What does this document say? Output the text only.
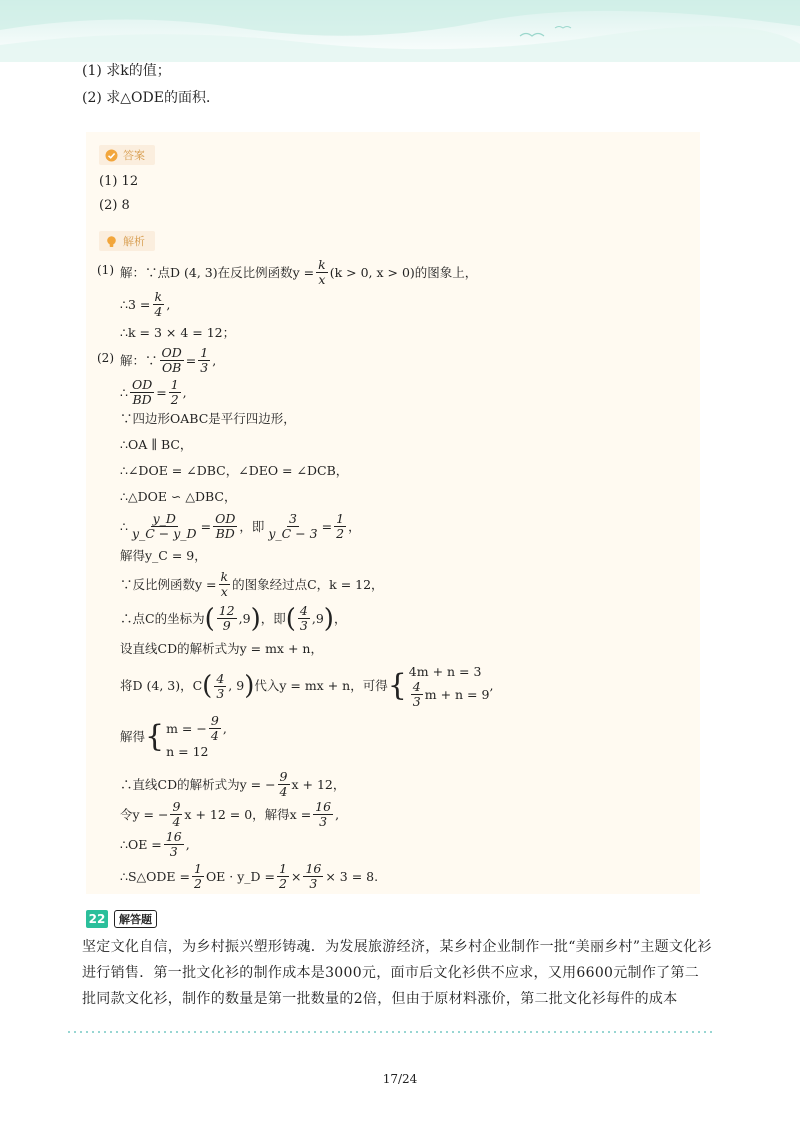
(1) 求k的值；
(2) 求△ODE的面积．
答案
(1) 12
(2) 8
解析
(1) 解：∵点D (4, 3)在反比例函数$y = \frac{k}{x} (k > 0$, x > 0)的图象上，
∴3 = $\frac{k}{4}$ ,
∴k = 3 × 4 = 12；
(2) 解：∵ $\frac{OD}{OB} = \frac{1}{3}$ ,
∴ $\frac{OD}{BD} = \frac{1}{2}$ ,
∵四边形OABC是平行四边形，
∴OA ∥ BC，
∴∠DOE = ∠DBC，∠DEO = ∠DCB，
∴△DOE ∽ △DBC，
∴ $\frac{y\_D}{y\_C - y\_D} = \frac{OD}{BD}$ ，即 $\frac{3}{y\_C - 3} = \frac{1}{2}$ ，
解得y_C = 9，
∵反比例函数$y = \frac{k}{x}$ 的图象经过点C，k = 12，
∴点C的坐标为 ( $\frac{12}{9} ,9$ ) ，即 ( $\frac{4}{3} ,9$ ) ，
设直线CD的解析式为y = mx + n，
将D (4, 3)，C ( $\frac{4}{3}$ , 9 ) 代入y = mx + n，可得 { 4m + n = 3
$\frac{4}{3}$ m + n = 9
,
解得 { m = − $\frac{9}{4}$ ,
n = 12
∴直线CD的解析式为y = − $\frac{9}{4}$ x + 12，
令y = − $\frac{9}{4}$ x + 12 = 0，解得$x = \frac{16}{3}$ ,
∴OE = $\frac{16}{3}$ ,
∴S△ODE = $\frac{1}{2}$ OE · y_D = $\frac{1}{2} \times \frac{16}{3} \times 3 = 8$.
22	解答题
坚定文化自信，为乡村振兴塑形铸魂．为发展旅游经济，某乡村企业制作一批“美丽乡村”主题文化衫进行销售．第一批文化衫的制作成本是3000元，面市后文化衫供不应求，又用6600元制作了第二批同款文化衫，制作的数量是第一批数量的2倍，但由于原材料涨价，第二批文化衫每件的成本
17/24
